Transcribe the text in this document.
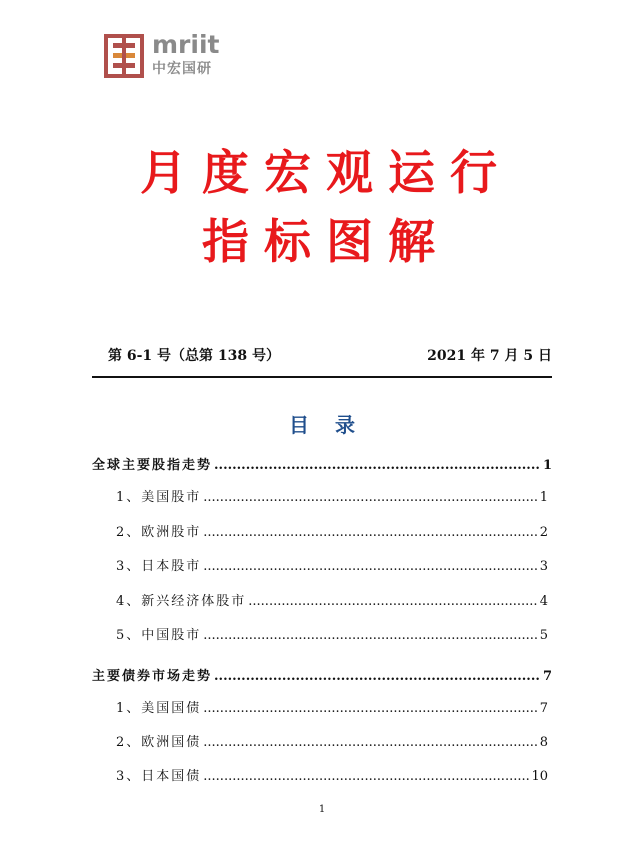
mriit
中宏国研
月度宏观运行
指标图解
第 6-1 号（总第 138 号）	2021 年 7 月 5 日
目录
全球主要股指走势 .....	1
1、美国股市 .....	1
2、欧洲股市 .....	2
3、日本股市 .....	3
4、新兴经济体股市 .....	4
5、中国股市 .....	5
主要债券市场走势 .....	7
1、美国国债 .....	7
2、欧洲国债 .....	8
3、日本国债 .....	10
1
